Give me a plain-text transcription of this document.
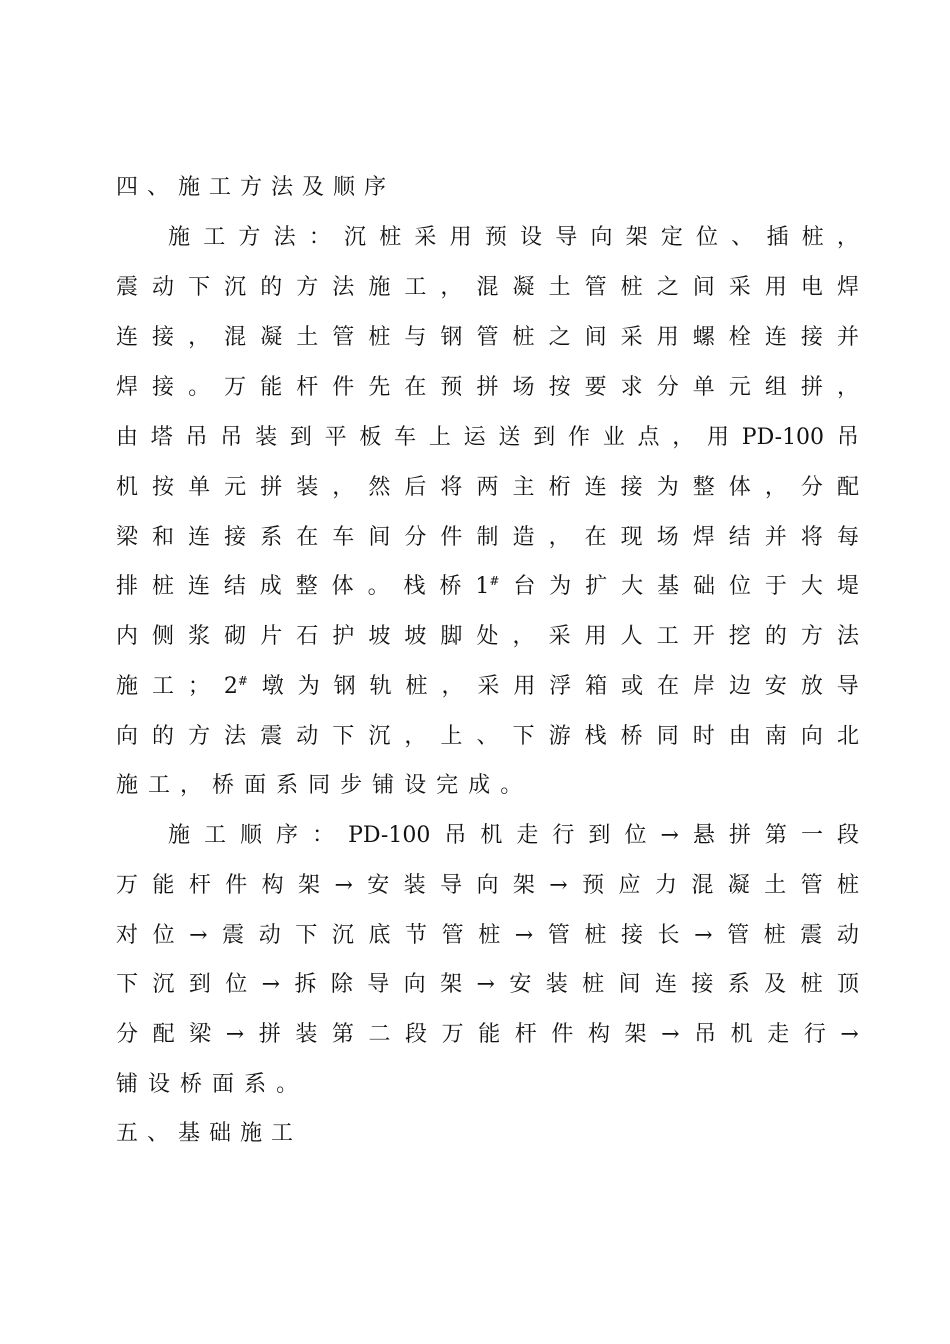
四、施工方法及顺序
施 工 方 法 ： 沉 桩 采 用 预 设 导 向 架 定 位 、 插 桩 ，
震 动 下 沉 的 方 法 施 工 ， 混 凝 土 管 桩 之 间 采 用 电 焊
连 接 ， 混 凝 土 管 桩 与 钢 管 桩 之 间 采 用 螺 栓 连 接 并
焊 接 。 万 能 杆 件 先 在 预 拼 场 按 要 求 分 单 元 组 拼 ，
由 塔 吊 吊 装 到 平 板 车 上 运 送 到 作 业 点 ， 用 PD-100 吊
机 按 单 元 拼 装 ， 然 后 将 两 主 桁 连 接 为 整 体 ， 分 配
梁 和 连 接 系 在 车 间 分 件 制 造 ， 在 现 场 焊 结 并 将 每
排 桩 连 结 成 整 体 。 栈 桥 1# 台 为 扩 大 基 础 位 于 大 堤
内 侧 浆 砌 片 石 护 坡 坡 脚 处 ， 采 用 人 工 开 挖 的 方 法
施 工 ； 2# 墩 为 钢 轨 桩 ， 采 用 浮 箱 或 在 岸 边 安 放 导
向 的 方 法 震 动 下 沉 ， 上 、 下 游 栈 桥 同 时 由 南 向 北
施 工 ， 桥 面 系 同 步 铺 设 完 成 。
施 工 顺 序 ： PD-100 吊 机 走 行 到 位 → 悬 拼 第 一 段
万 能 杆 件 构 架 → 安 装 导 向 架 → 预 应 力 混 凝 土 管 桩
对 位 → 震 动 下 沉 底 节 管 桩 → 管 桩 接 长 → 管 桩 震 动
下 沉 到 位 → 拆 除 导 向 架 → 安 装 桩 间 连 接 系 及 桩 顶
分 配 梁 → 拼 装 第 二 段 万 能 杆 件 构 架 → 吊 机 走 行 →
铺 设 桥 面 系 。
五、基础施工
